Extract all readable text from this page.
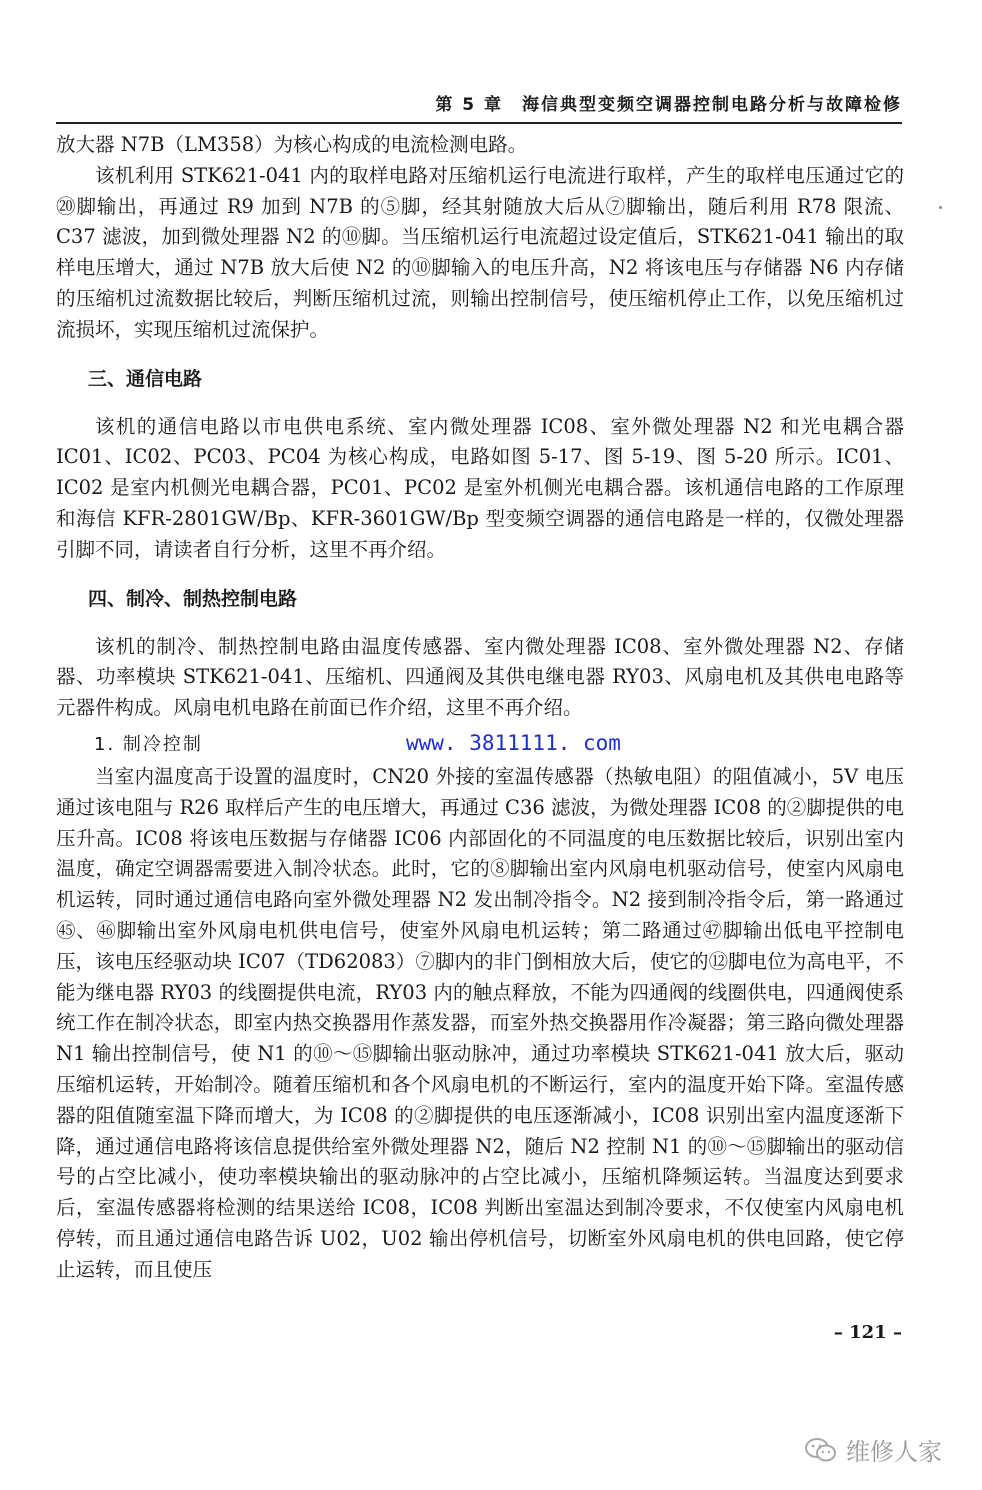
第 5 章　海信典型变频空调器控制电路分析与故障检修

放大器 N7B（LM358）为核心构成的电流检测电路。

该机利用 STK621-041 内的取样电路对压缩机运行电流进行取样，产生的取样电压通过它的⑳脚输出，再通过 R9 加到 N7B 的⑤脚，经其射随放大后从⑦脚输出，随后利用 R78 限流、C37 滤波，加到微处理器 N2 的⑩脚。当压缩机运行电流超过设定值后，STK621-041 输出的取样电压增大，通过 N7B 放大后使 N2 的⑩脚输入的电压升高，N2 将该电压与存储器 N6 内存储的压缩机过流数据比较后，判断压缩机过流，则输出控制信号，使压缩机停止工作，以免压缩机过流损坏，实现压缩机过流保护。

三、通信电路

该机的通信电路以市电供电系统、室内微处理器 IC08、室外微处理器 N2 和光电耦合器 IC01、IC02、PC03、PC04 为核心构成，电路如图 5-17、图 5-19、图 5-20 所示。IC01、IC02 是室内机侧光电耦合器，PC01、PC02 是室外机侧光电耦合器。该机通信电路的工作原理和海信 KFR-2801GW/Bp、KFR-3601GW/Bp 型变频空调器的通信电路是一样的，仅微处理器引脚不同，请读者自行分析，这里不再介绍。

四、制冷、制热控制电路

该机的制冷、制热控制电路由温度传感器、室内微处理器 IC08、室外微处理器 N2、存储器、功率模块 STK621-041、压缩机、四通阀及其供电继电器 RY03、风扇电机及其供电电路等元器件构成。风扇电机电路在前面已作介绍，这里不再介绍。

1. 制冷控制	www. 3811111. com

当室内温度高于设置的温度时，CN20 外接的室温传感器（热敏电阻）的阻值减小，5V 电压通过该电阻与 R26 取样后产生的电压增大，再通过 C36 滤波，为微处理器 IC08 的②脚提供的电压升高。IC08 将该电压数据与存储器 IC06 内部固化的不同温度的电压数据比较后，识别出室内温度，确定空调器需要进入制冷状态。此时，它的⑧脚输出室内风扇电机驱动信号，使室内风扇电机运转，同时通过通信电路向室外微处理器 N2 发出制冷指令。N2 接到制冷指令后，第一路通过㊺、㊻脚输出室外风扇电机供电信号，使室外风扇电机运转；第二路通过㊼脚输出低电平控制电压，该电压经驱动块 IC07（TD62083）⑦脚内的非门倒相放大后，使它的⑫脚电位为高电平，不能为继电器 RY03 的线圈提供电流，RY03 内的触点释放，不能为四通阀的线圈供电，四通阀使系统工作在制冷状态，即室内热交换器用作蒸发器，而室外热交换器用作冷凝器；第三路向微处理器 N1 输出控制信号，使 N1 的⑩～⑮脚输出驱动脉冲，通过功率模块 STK621-041 放大后，驱动压缩机运转，开始制冷。随着压缩机和各个风扇电机的不断运行，室内的温度开始下降。室温传感器的阻值随室温下降而增大，为 IC08 的②脚提供的电压逐渐减小，IC08 识别出室内温度逐渐下降，通过通信电路将该信息提供给室外微处理器 N2，随后 N2 控制 N1 的⑩～⑮脚输出的驱动信号的占空比减小，使功率模块输出的驱动脉冲的占空比减小，压缩机降频运转。当温度达到要求后，室温传感器将检测的结果送给 IC08，IC08 判断出室温达到制冷要求，不仅使室内风扇电机停转，而且通过通信电路告诉 U02，U02 输出停机信号，切断室外风扇电机的供电回路，使它停止运转，而且使压

– 121 –
维修人家
